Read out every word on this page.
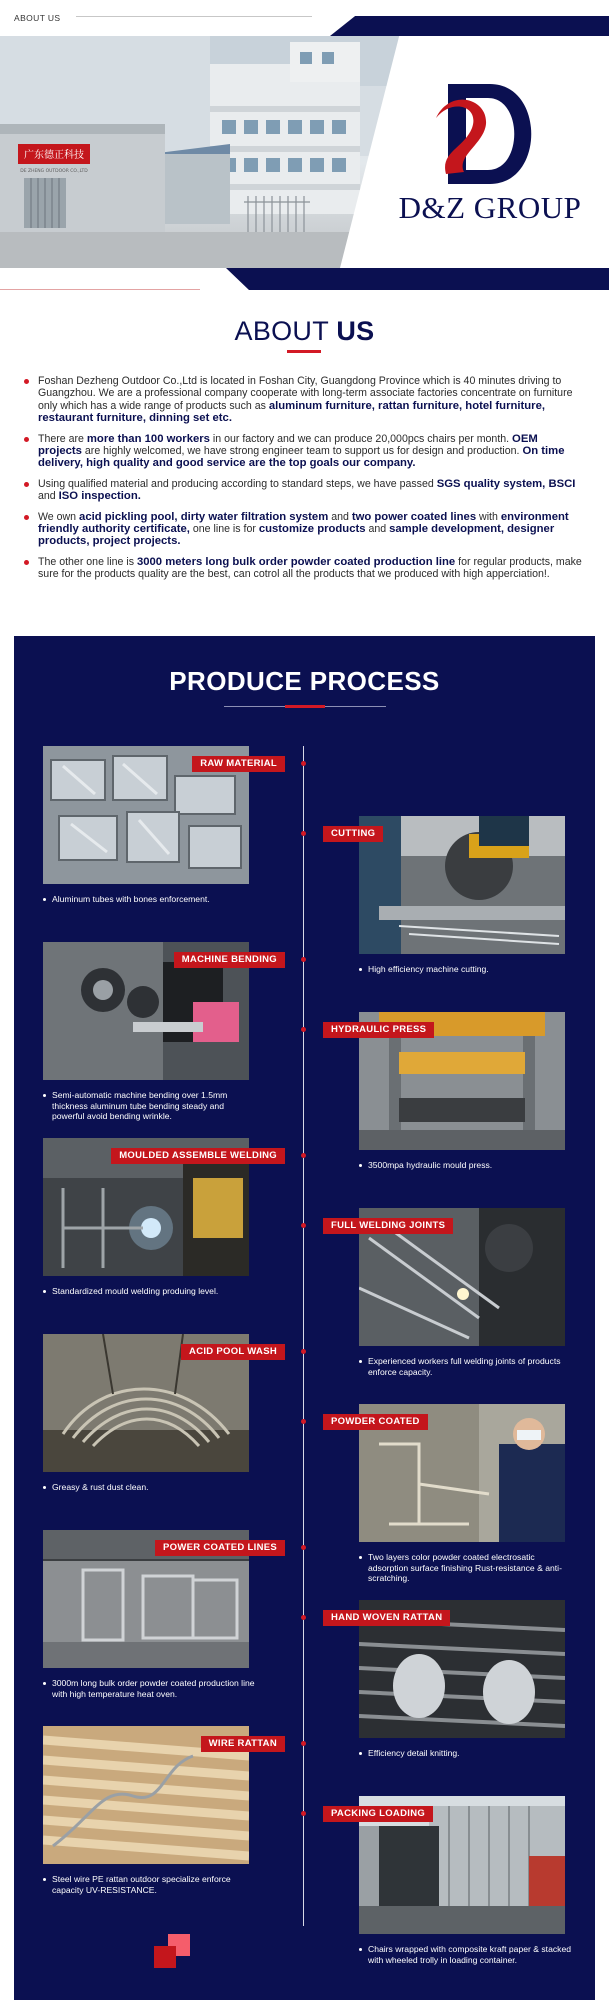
ABOUT US
广东德正科技
DE ZHENG OUTDOOR CO.,LTD
D&Z GROUP
ABOUT US
Foshan Dezheng Outdoor Co.,Ltd is located in Foshan City, Guangdong Province which is 40 minutes driving to Guangzhou. We are a professional company cooperate with long-term associate factories concentrate on furniture only which has a wide range of products such as aluminum furniture, rattan furniture, hotel furniture, restaurant furniture, dinning set etc.
There are more than 100 workers in our factory and we can produce 20,000pcs chairs per month. OEM projects are highly welcomed, we have strong engineer team to support us for design and production. On time delivery, high quality and good service are the top goals our company.
Using qualified material and producing according to standard steps, we have passed SGS quality system, BSCI and ISO inspection.
We own acid pickling pool, dirty water filtration system and two power coated lines with environment friendly authority certificate, one line is for customize products and sample development, designer products, project projects.
The other one line is 3000 meters long bulk order powder coated production line for regular products, make sure for the products quality are the best, can cotrol all the products that we produced with high apperciation!.
PRODUCE PROCESS
RAW MATERIAL
Aluminum tubes with bones enforcement.
CUTTING
High efficiency machine cutting.
MACHINE BENDING
Semi-automatic machine bending over 1.5mm thickness aluminum tube bending steady and powerful avoid bending wrinkle.
HYDRAULIC PRESS
3500mpa hydraulic mould press.
MOULDED ASSEMBLE WELDING
Standardized mould welding produing level.
FULL WELDING JOINTS
Experienced workers full welding joints of products enforce capacity.
ACID POOL WASH
Greasy & rust dust clean.
POWDER COATED
Two layers color powder coated electrosatic adsorption surface finishing Rust-resistance & anti- scratching.
POWER COATED LINES
3000m long bulk order powder coated production line with high temperature heat oven.
HAND WOVEN RATTAN
Efficiency detail knitting.
WIRE RATTAN
Steel wire PE rattan outdoor specialize enforce capacity UV-RESISTANCE.
PACKING LOADING
Chairs wrapped with composite kraft paper & stacked with wheeled trolly in loading container.
